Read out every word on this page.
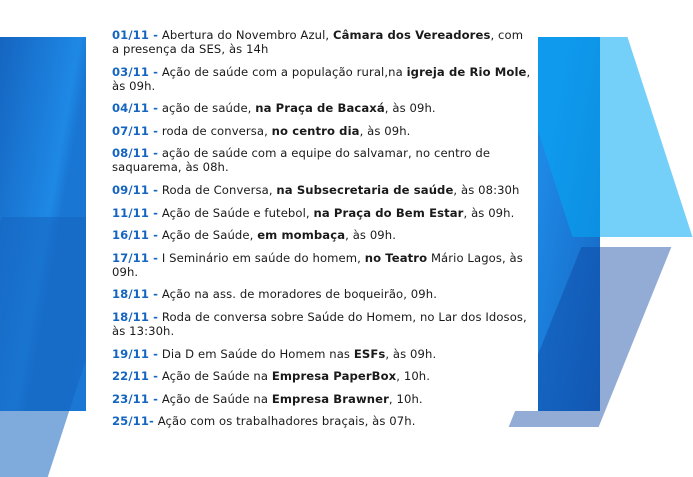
01/11 - Abertura do Novembro Azul, Câmara dos Vereadores, com a presença da SES, às 14h
03/11 - Ação de saúde com a população rural,na igreja de Rio Mole, às 09h.
04/11 - ação de saúde, na Praça de Bacaxá, às 09h.
07/11 - roda de conversa, no centro dia, às 09h.
08/11 - ação de saúde com a equipe do salvamar, no centro de saquarema, às 08h.
09/11 - Roda de Conversa, na Subsecretaria de saúde, às 08:30h
11/11 - Ação de Saúde e futebol, na Praça do Bem Estar, às 09h.
16/11 - Ação de Saúde, em mombaça, às 09h.
17/11 - I Seminário em saúde do homem, no Teatro Mário Lagos, às 09h.
18/11 - Ação na ass. de moradores de boqueirão, 09h.
18/11 - Roda de conversa sobre Saúde do Homem, no Lar dos Idosos, às 13:30h.
19/11 - Dia D em Saúde do Homem nas ESFs, às 09h.
22/11 - Ação de Saúde na Empresa PaperBox, 10h.
23/11 - Ação de Saúde na Empresa Brawner, 10h.
25/11- Ação com os trabalhadores braçais, às 07h.
